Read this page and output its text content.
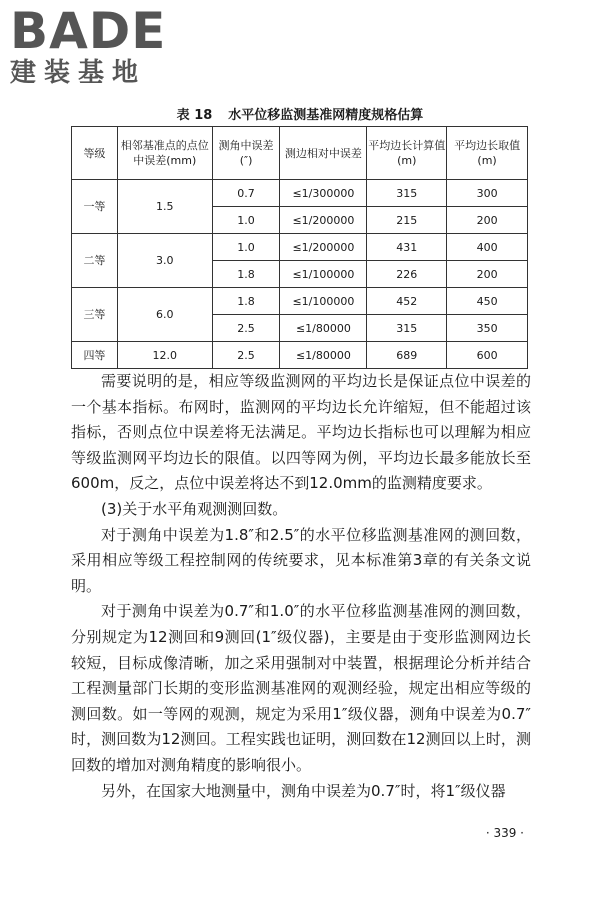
BADE
建装基地
表 18 水平位移监测基准网精度规格估算
等级	相邻基准点的点位中误差(mm)	测角中误差(″)	测边相对中误差	平均边长计算值(m)	平均边长取值(m)
一等	1.5	0.7	≤1/300000	315	300
		1.0	≤1/200000	215	200
二等	3.0	1.0	≤1/200000	431	400
		1.8	≤1/100000	226	200
三等	6.0	1.8	≤1/100000	452	450
		2.5	≤1/80000	315	350
四等	12.0	2.5	≤1/80000	689	600

需要说明的是，相应等级监测网的平均边长是保证点位中误差的一个基本指标。布网时，监测网的平均边长允许缩短，但不能超过该指标，否则点位中误差将无法满足。平均边长指标也可以理解为相应等级监测网平均边长的限值。以四等网为例，平均边长最多能放长至600m，反之，点位中误差将达不到12.0mm的监测精度要求。

(3)关于水平角观测测回数。

对于测角中误差为1.8″和2.5″的水平位移监测基准网的测回数，采用相应等级工程控制网的传统要求，见本标准第3章的有关条文说明。

对于测角中误差为0.7″和1.0″的水平位移监测基准网的测回数，分别规定为12测回和9测回(1″级仪器)，主要是由于变形监测网边长较短，目标成像清晰，加之采用强制对中装置，根据理论分析并结合工程测量部门长期的变形监测基准网的观测经验，规定出相应等级的测回数。如一等网的观测，规定为采用1″级仪器，测角中误差为0.7″时，测回数为12测回。工程实践也证明，测回数在12测回以上时，测回数的增加对测角精度的影响很小。

另外，在国家大地测量中，测角中误差为0.7″时，将1″级仪器

· 339 ·
